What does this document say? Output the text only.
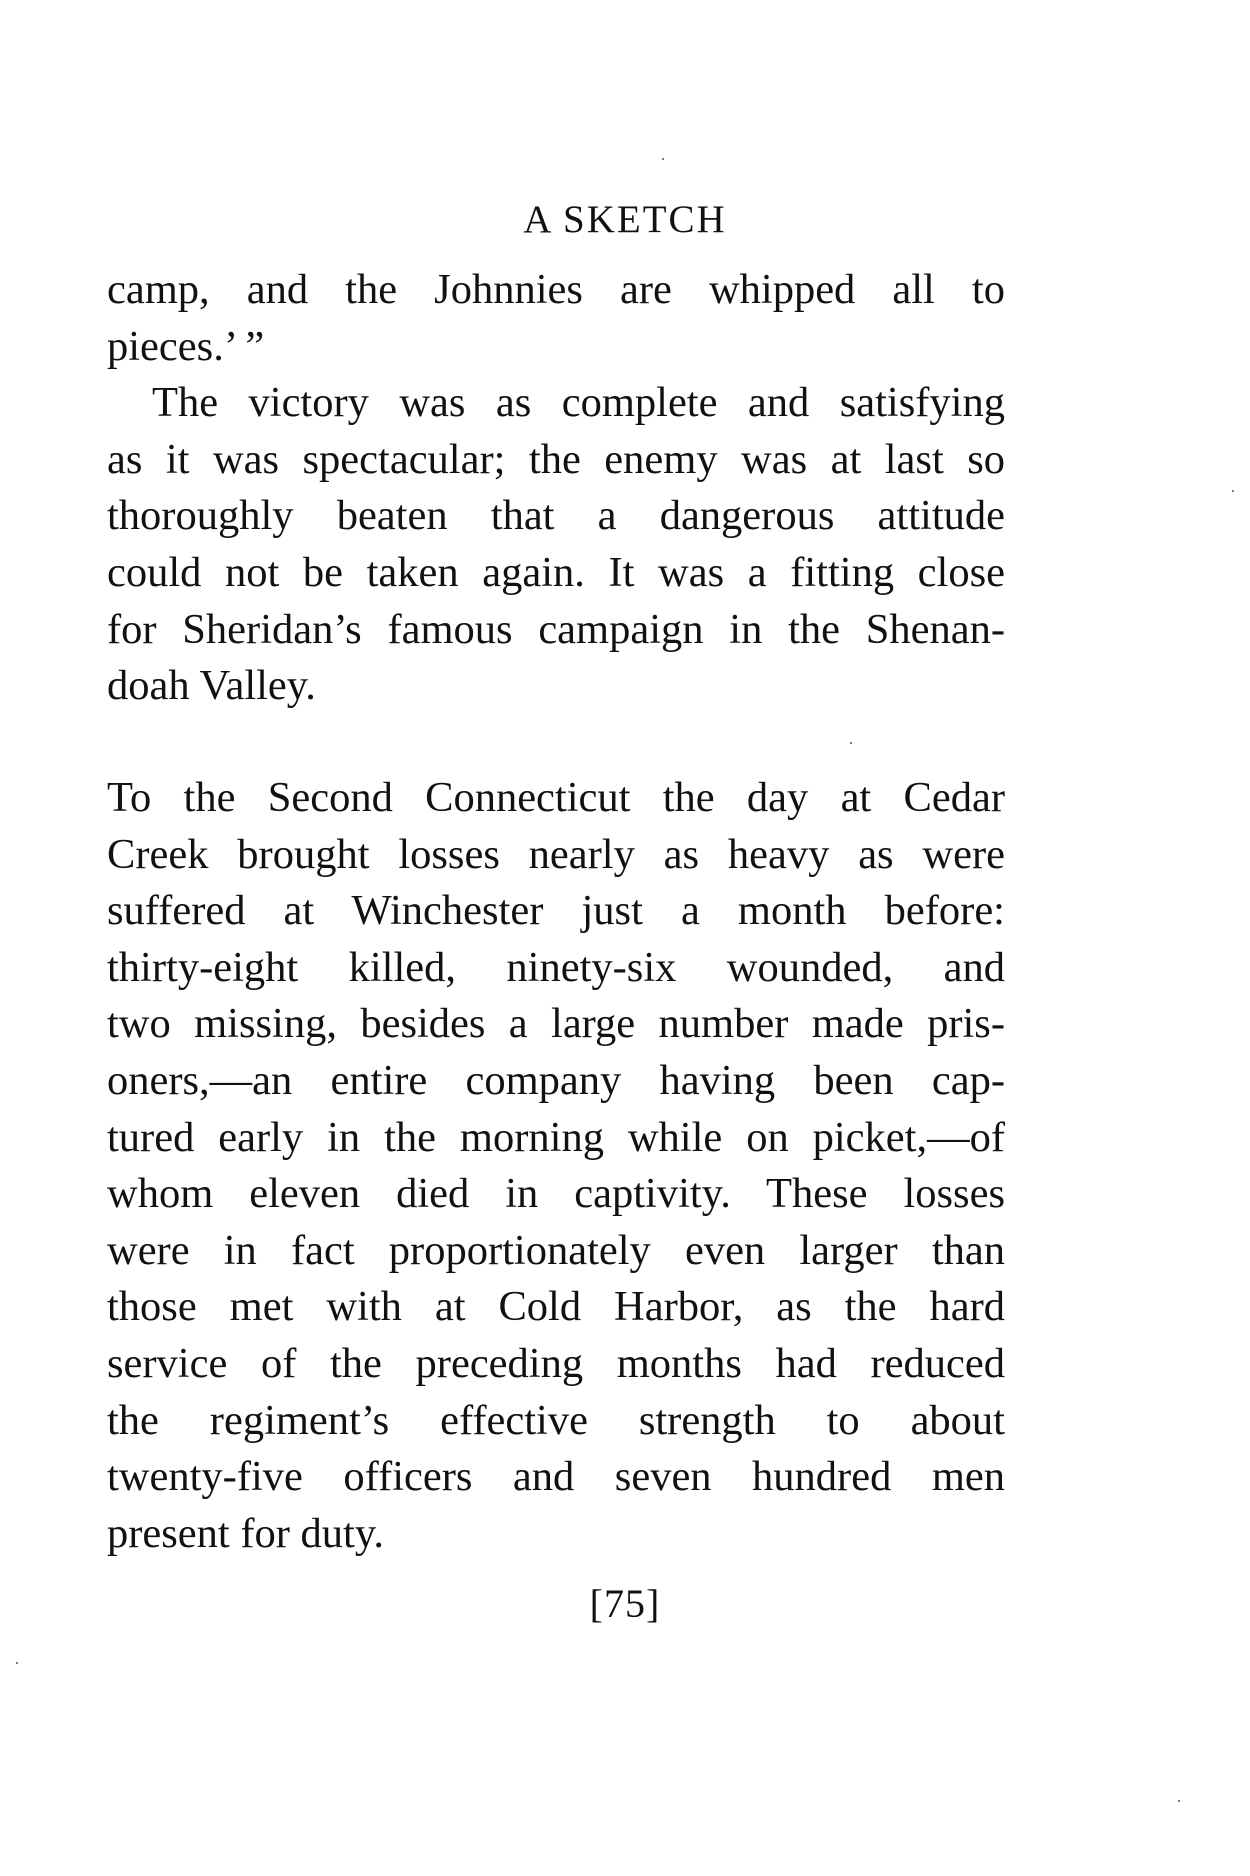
A SKETCH
camp, and the Johnnies are whipped all to
pieces.’ ”
The victory was as complete and satisfying
as it was spectacular; the enemy was at last so
thoroughly beaten that a dangerous attitude
could not be taken again. It was a fitting close
for Sheridan’s famous campaign in the Shenan-
doah Valley.
To the Second Connecticut the day at Cedar
Creek brought losses nearly as heavy as were
suffered at Winchester just a month before:
thirty-eight killed, ninety-six wounded, and
two missing, besides a large number made pris-
oners,—an entire company having been cap-
tured early in the morning while on picket,—of
whom eleven died in captivity. These losses
were in fact proportionately even larger than
those met with at Cold Harbor, as the hard
service of the preceding months had reduced
the regiment’s effective strength to about
twenty-five officers and seven hundred men
present for duty.
[75]
